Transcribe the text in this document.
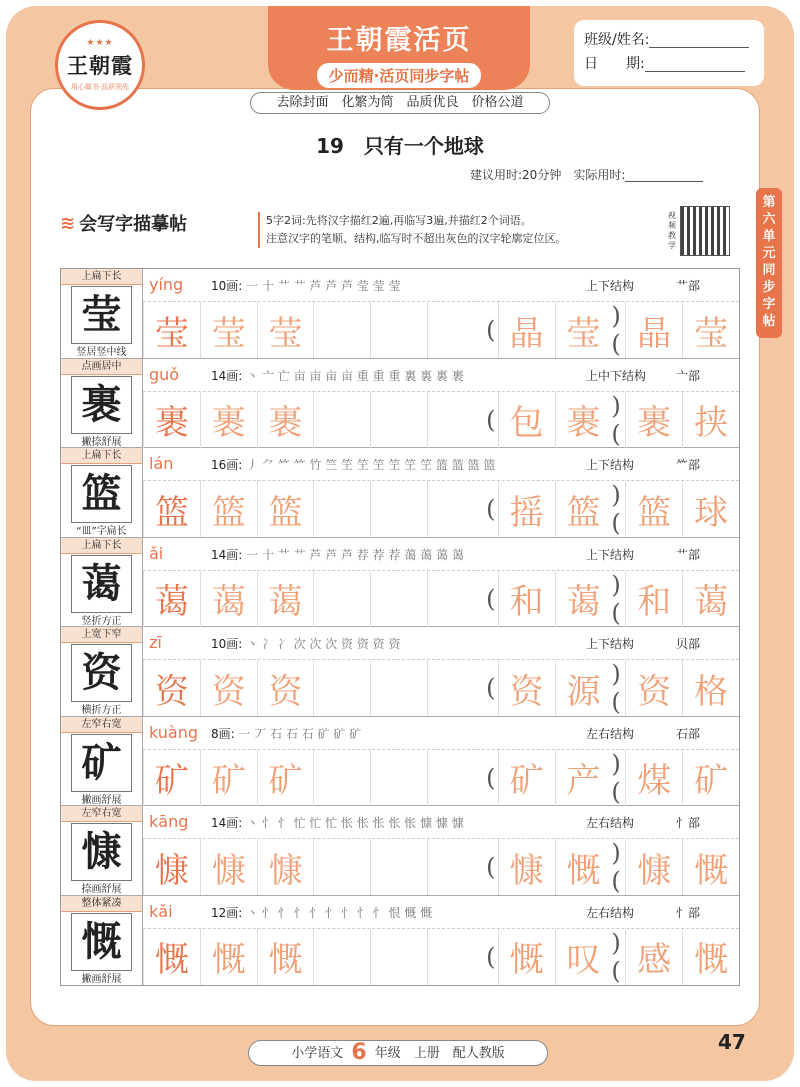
★★★
王朝霞
用心做书·品质领先
王朝霞活页
少而精·活页同步字帖
班级/姓名:
日　　期:
去除封面　化繁为简　品质优良　价格公道
19　只有一个地球
建议用时:20分钟　实际用时:
第六单元同步字帖
≋ 会写字描摹帖	5字2词:先将汉字描红2遍,再临写3遍,并描红2个词语。
注意汉字的笔顺、结构,临写时不超出灰色的汉字轮廓定位区。
视频教学
上扁下长
莹
竖居竖中线
yíng 10画: 一 十 艹 艹 芦 芦 芦 莹 莹 莹	上下结构	艹部
莹 莹 莹	( 晶 莹 )( 晶 莹
点画居中
裹
撇捺舒展
guǒ	14画: 丶 亠 亡 亩 亩 亩 亩 重 重 重 裏 裏 裏 裹	上中下结构 亠部
裹 裹 裹	( 包 裹 )( 裹 挟
上扁下长
篮
“皿”字扁长
lán	16画: 丿 ⺈ ⺮ ⺮ 竹 竺 笁 笁 笁 笁 笁 笁 篮 篮 篮 篮	上下结构	⺮部
篮 篮 篮	( 摇 篮 )( 篮 球
上扁下长
蔼
竖折方正
ǎi	14画: 一 十 艹 艹 芦 芦 芦 荐 荐 荐 蔼 蔼 蔼 蔼	上下结构	艹部
蔼 蔼 蔼	( 和 蔼 )( 和 蔼
上宽下窄
资
横折方正
zī	10画: 丶 冫 冫 次 次 次 资 资 资 资	上下结构	贝部
资 资 资	( 资 源 )( 资 格
左窄右宽
矿
撇画舒展
kuàng 8画: 一 丆 石 石 石 矿 矿 矿	左右结构	石部
矿 矿 矿	( 矿 产 )( 煤 矿
左窄右宽
慷
捺画舒展
kāng 14画: 丶 忄 忄 忙 忙 忙 怅 怅 怅 怅 怅 慷 慷 慷	左右结构	忄部
慷 慷 慷	( 慷 慨 )( 慷 慨
整体紧凑
慨
撇画舒展
kǎi	12画: 丶 忄 忄 忄 忄 忄 忄 忄 忄 恨 慨 慨	左右结构	忄部
慨 慨 慨	( 慨 叹 )( 感 慨
小学语文 6 年级　上册　配人教版	47
